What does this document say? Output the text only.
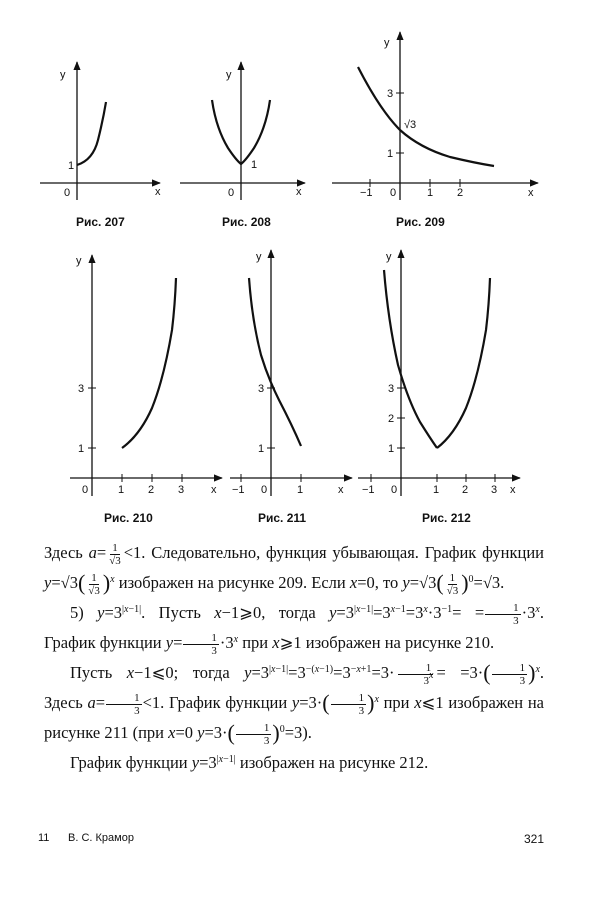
y
x
0
1
Рис. 207
y
x
0
1
Рис. 208
y
x
0
−1	1 2
1
3
√3
Рис. 209
y
x
0	1 2 3
1
3
Рис. 210
y
x
0
−1	1
1
3
Рис. 211
y
x
0
−1	1 2 3
1
2
3
Рис. 212

Здесь $a= \frac{1}{√3} <1$. Следовательно, функция убывающая. График функции $y=√3( \frac{1}{√3} )^x$ изображен на рисунке 209. Если x=0, то $y=√3( \frac{1}{√3} )^0=√3$.

5) $y=3^{|x-1|}$. Пусть x−1⩾0, тогда $y=3^{|x-1|}=3^{x-1}=3^x\cdot 3^{-1}= = \frac{1}{3} \cdot 3^x$. График функции $y= \frac{1}{3} \cdot 3^x$ при x⩾1 изображен на рисунке 210.

Пусть x−1⩽0; тогда $y=3^{|x-1|}=3^{-(x-1)}=3^{-x+1}=3\cdot \frac{1}{3^x} = =3\cdot( \frac{1}{3} )^x$. Здесь $a= \frac{1}{3} <1$. График функции $y=3\cdot( \frac{1}{3} )^x$ при x⩽1 изображен на рисунке 211 (при x=0 $y=3\cdot( \frac{1}{3} )^0=3$).

График функции $y=3^{|x-1|}$ изображен на рисунке 212.

11 В. С. Крамор	321
